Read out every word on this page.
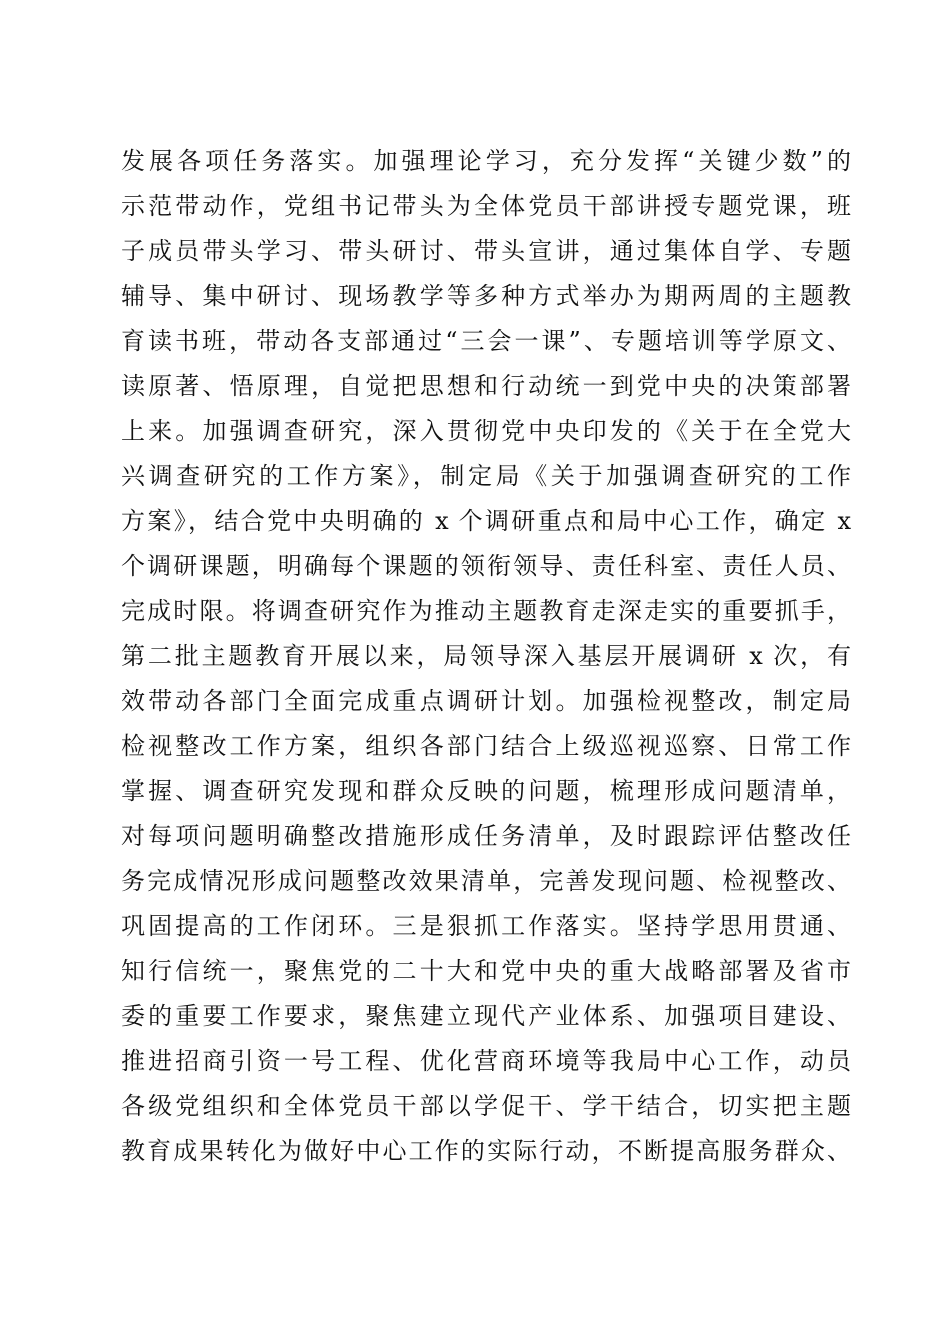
发展各项任务落实。加强理论学习，充分发挥“关键少数”的
示范带动作，党组书记带头为全体党员干部讲授专题党课，班
子成员带头学习、带头研讨、带头宣讲，通过集体自学、专题
辅导、集中研讨、现场教学等多种方式举办为期两周的主题教
育读书班，带动各支部通过“三会一课”、专题培训等学原文、
读原著、悟原理，自觉把思想和行动统一到党中央的决策部署
上来。加强调查研究，深入贯彻党中央印发的《关于在全党大
兴调查研究的工作方案》，制定局《关于加强调查研究的工作
方案》，结合党中央明确的 x 个调研重点和局中心工作，确定 x
个调研课题，明确每个课题的领衔领导、责任科室、责任人员、
完成时限。将调查研究作为推动主题教育走深走实的重要抓手，
第二批主题教育开展以来，局领导深入基层开展调研 x 次，有
效带动各部门全面完成重点调研计划。加强检视整改，制定局
检视整改工作方案，组织各部门结合上级巡视巡察、日常工作
掌握、调查研究发现和群众反映的问题，梳理形成问题清单，
对每项问题明确整改措施形成任务清单，及时跟踪评估整改任
务完成情况形成问题整改效果清单，完善发现问题、检视整改、
巩固提高的工作闭环。三是狠抓工作落实。坚持学思用贯通、
知行信统一，聚焦党的二十大和党中央的重大战略部署及省市
委的重要工作要求，聚焦建立现代产业体系、加强项目建设、
推进招商引资一号工程、优化营商环境等我局中心工作，动员
各级党组织和全体党员干部以学促干、学干结合，切实把主题
教育成果转化为做好中心工作的实际行动，不断提高服务群众、
